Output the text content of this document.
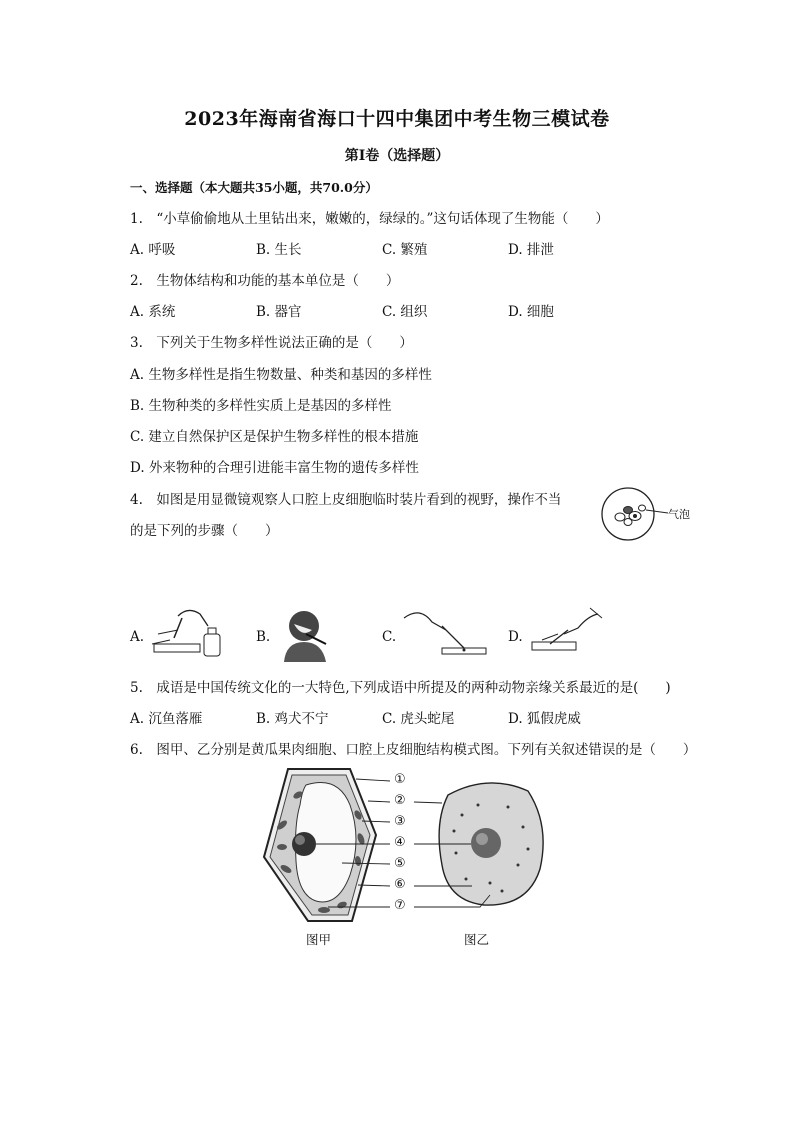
2023年海南省海口十四中集团中考生物三模试卷
第Ⅰ卷（选择题）
一、选择题（本大题共35小题，共70.0分）
1.　“小草偷偷地从土里钻出来，嫩嫩的，绿绿的。”这句话体现了生物能（　　）
A. 呼吸	B. 生长	C. 繁殖	D. 排泄
2.　生物体结构和功能的基本单位是（　　）
A. 系统	B. 器官	C. 组织	D. 细胞
3.　下列关于生物多样性说法正确的是（　　）
A. 生物多样性是指生物数量、种类和基因的多样性
B. 生物种类的多样性实质上是基因的多样性
C. 建立自然保护区是保护生物多样性的根本措施
D. 外来物种的合理引进能丰富生物的遗传多样性
4.　如图是用显微镜观察人口腔上皮细胞临时装片看到的视野，操作不当
的是下列的步骤（　　）
气泡
A.	B.	C.	D.
5.　成语是中国传统文化的一大特色,下列成语中所提及的两种动物亲缘关系最近的是(　　)
A. 沉鱼落雁	B. 鸡犬不宁	C. 虎头蛇尾	D. 狐假虎威
6.　图甲、乙分别是黄瓜果肉细胞、口腔上皮细胞结构模式图。下列有关叙述错误的是（　　）
①
②
③
④
⑤
⑥
⑦
图甲	图乙
